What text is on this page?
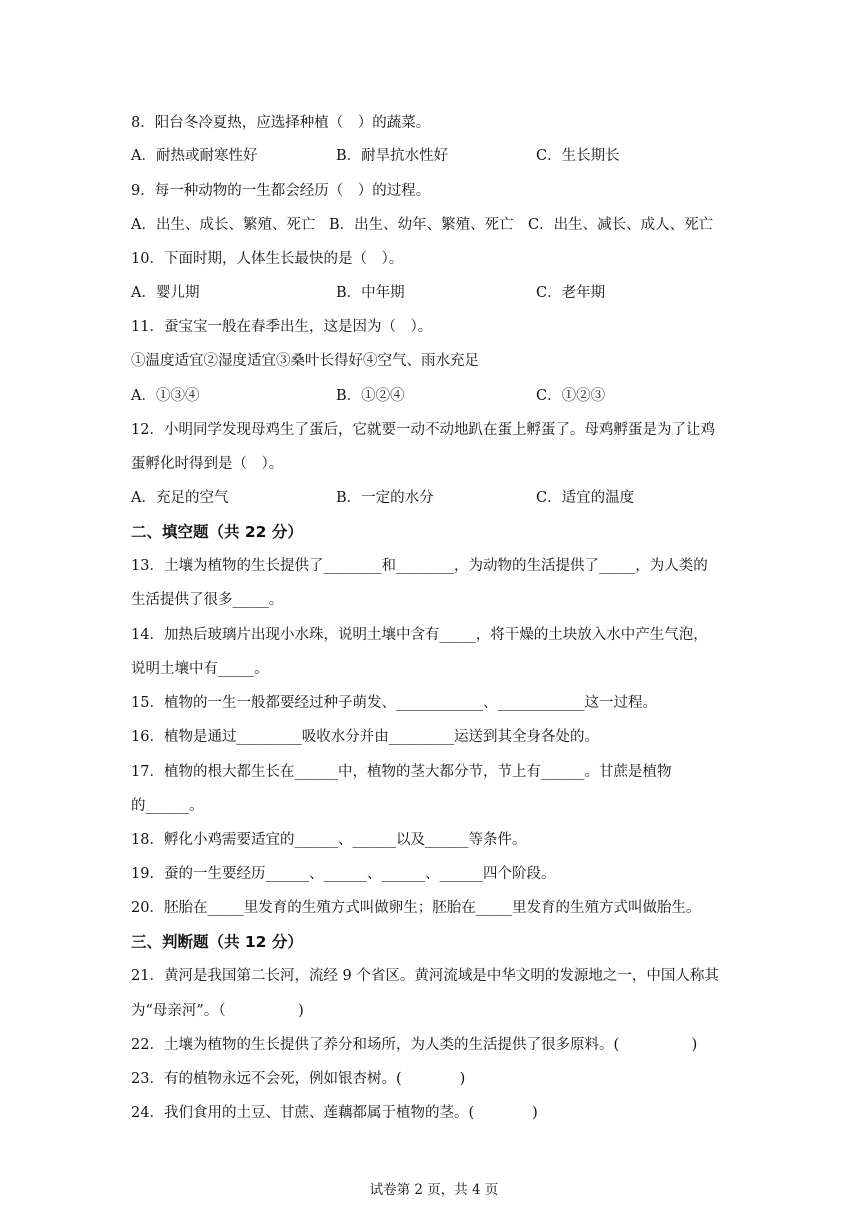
8．阳台冬冷夏热，应选择种植（　）的蔬菜。
A．耐热或耐寒性好	B．耐旱抗水性好	C．生长期长
9．每一种动物的一生都会经历（　）的过程。
A．出生、成长、繁殖、死亡 B．出生、幼年、繁殖、死亡 C．出生、减长、成人、死亡
10．下面时期，人体生长最快的是（　）。
A．婴儿期	B．中年期	C．老年期
11．蚕宝宝一般在春季出生，这是因为（　）。
①温度适宜②湿度适宜③桑叶长得好④空气、雨水充足
A．①③④	B．①②④	C．①②③
12．小明同学发现母鸡生了蛋后，它就要一动不动地趴在蛋上孵蛋了。母鸡孵蛋是为了让鸡
蛋孵化时得到是（　）。
A．充足的空气	B．一定的水分	C．适宜的温度
二、填空题（共 22 分）
13．土壤为植物的生长提供了________和________，为动物的生活提供了_____，为人类的
生活提供了很多_____。
14．加热后玻璃片出现小水珠，说明土壤中含有_____，将干燥的土块放入水中产生气泡，
说明土壤中有_____。
15．植物的一生一般都要经过种子萌发、____________、____________这一过程。
16．植物是通过_________吸收水分并由_________运送到其全身各处的。
17．植物的根大都生长在______中，植物的茎大都分节，节上有______。甘蔗是植物
的______。
18．孵化小鸡需要适宜的______、______以及______等条件。
19．蚕的一生要经历______、______、______、______四个阶段。
20．胚胎在_____里发育的生殖方式叫做卵生；胚胎在_____里发育的生殖方式叫做胎生。
三、判断题（共 12 分）
21．黄河是我国第二长河，流经 9 个省区。黄河流域是中华文明的发源地之一，中国人称其
为“母亲河”。（　　　　　)
22．土壤为植物的生长提供了养分和场所，为人类的生活提供了很多原料。(　　　　　)
23．有的植物永远不会死，例如银杏树。(　　　　)
24．我们食用的土豆、甘蔗、莲藕都属于植物的茎。(　　　　)
试卷第 2 页，共 4 页
